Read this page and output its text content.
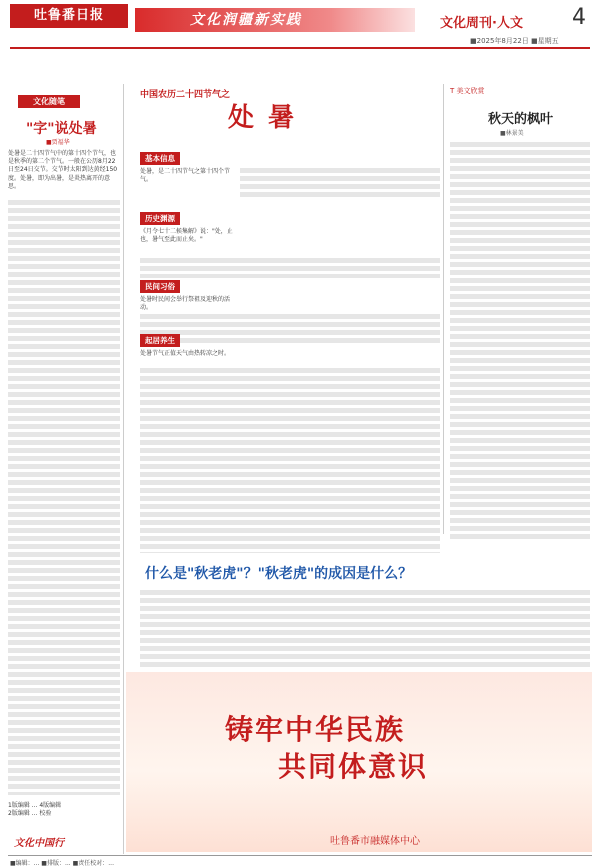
吐鲁番日报	文化润疆新实践	文化周刊·人文 4
■2025年8月22日 ■星期五
文化随笔
"字"说处暑
■贾福华
处暑是二十四节气中的第十四个节气，也是秋季的第二个节气。一般在公历8月22日至24日交节。交节时太阳到达黄经150度。处暑，即为出暑，是炎热离开的意思。
1版编辑 ... 4版编辑
2版编辑 ... 校验
文化中国行
中国农历二十四节气之
处暑
基本信息
处暑，是二十四节气之第十四个节气。
历史渊源
《月令七十二候集解》说："处，止也，暑气至此而止矣。"
民间习俗
处暑时民间会举行祭祖及迎秋的活动。
起居养生
处暑节气正值天气由热转凉之时。
T 美文欣赏
秋天的枫叶
■林景美
什么是"秋老虎"？"秋老虎"的成因是什么？
铸牢中华民族
共同体意识
吐鲁番市融媒体中心
■编辑：... ■排版：... ■责任校对：...
